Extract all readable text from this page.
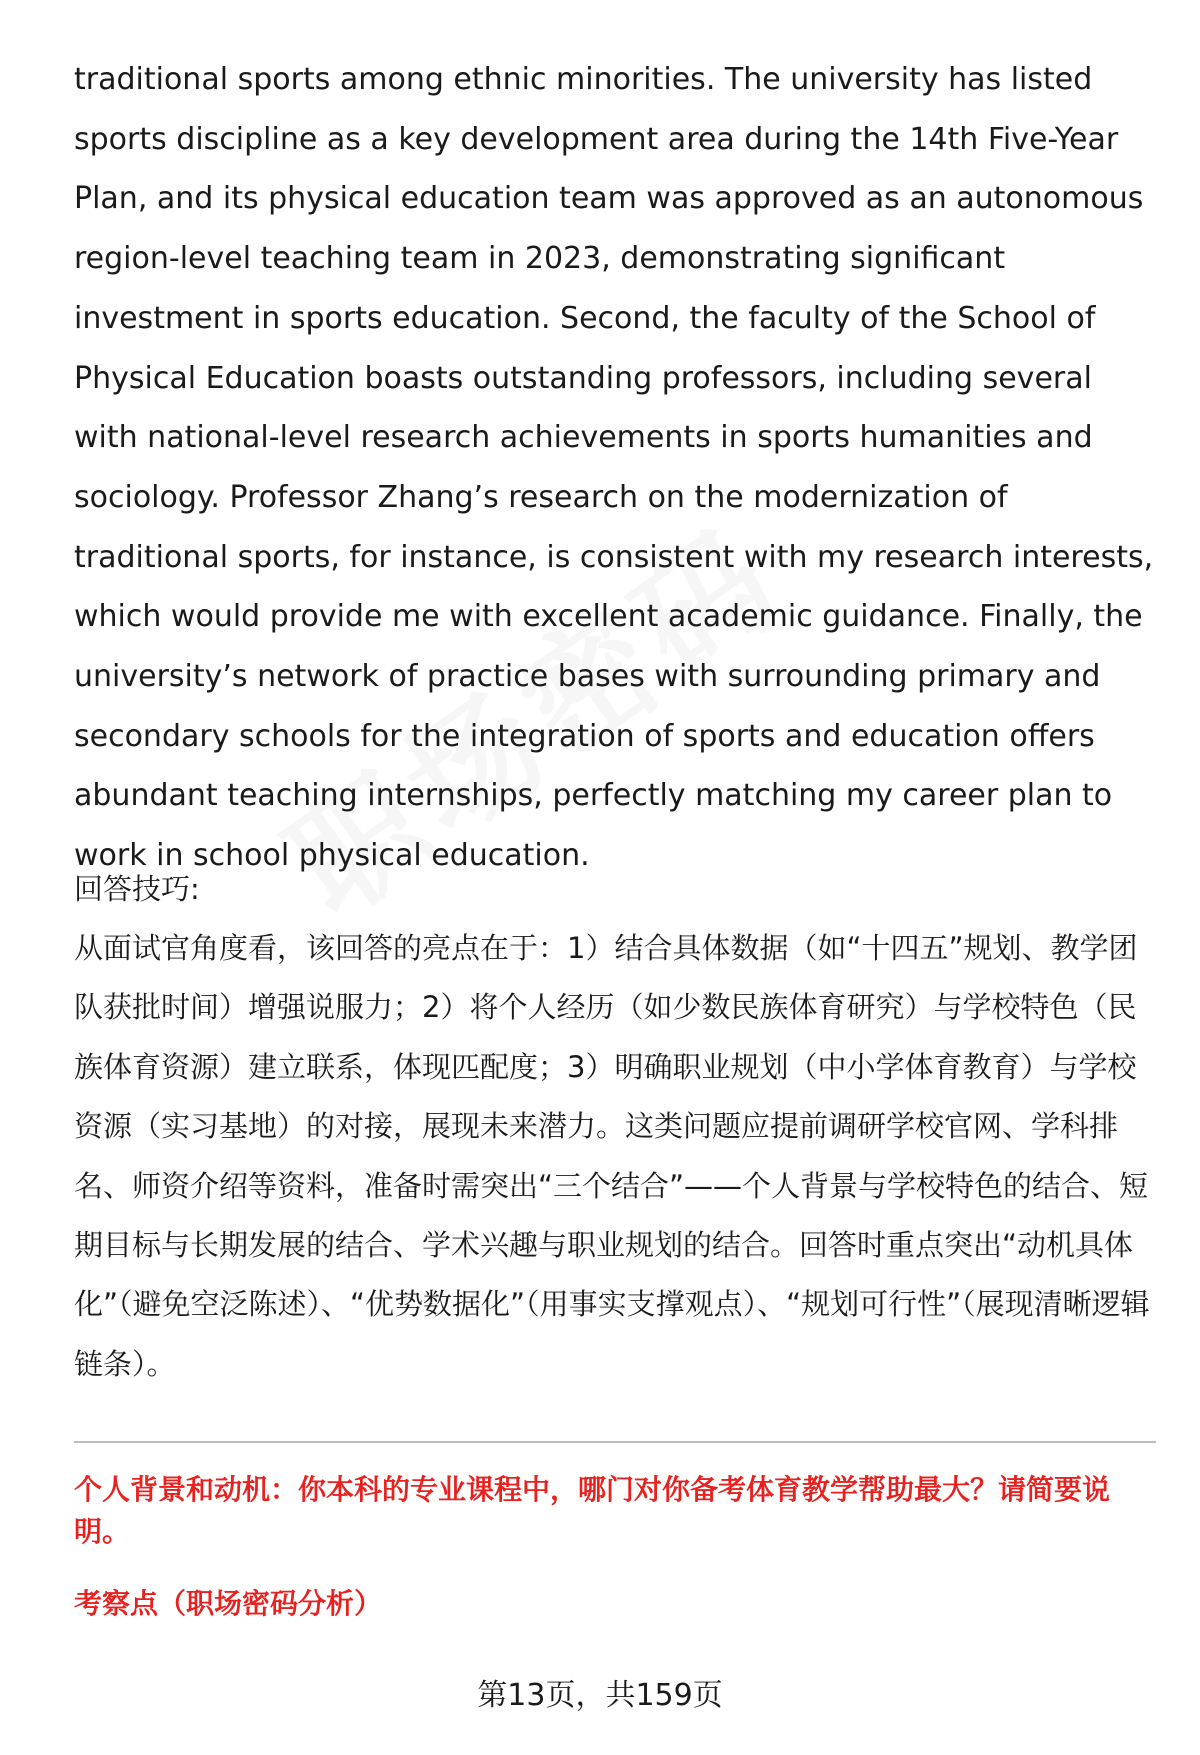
traditional sports among ethnic minorities. The university has listed sports discipline as a key development area during the 14th Five-Year Plan, and its physical education team was approved as an autonomous region-level teaching team in 2023, demonstrating significant investment in sports education. Second, the faculty of the School of Physical Education boasts outstanding professors, including several with national-level research achievements in sports humanities and sociology. Professor Zhang’s research on the modernization of traditional sports, for instance, is consistent with my research interests, which would provide me with excellent academic guidance. Finally, the university’s network of practice bases with surrounding primary and secondary schools for the integration of sports and education offers abundant teaching internships, perfectly matching my career plan to work in school physical education.

回答技巧:

从面试官角度看，该回答的亮点在于：1）结合具体数据（如“十四五”规划、教学团队获批时间）增强说服力；2）将个人经历（如少数民族体育研究）与学校特色（民族体育资源）建立联系，体现匹配度；3）明确职业规划（中小学体育教育）与学校资源（实习基地）的对接，展现未来潜力。这类问题应提前调研学校官网、学科排名、师资介绍等资料，准备时需突出“三个结合”——个人背景与学校特色的结合、短期目标与长期发展的结合、学术兴趣与职业规划的结合。回答时重点突出“动机具体化”（避免空泛陈述）、“优势数据化”（用事实支撑观点）、“规划可行性”（展现清晰逻辑链条）。

个人背景和动机：你本科的专业课程中，哪门对你备考体育教学帮助最大？请简要说明。

考察点（职场密码分析）

第13页，共159页
